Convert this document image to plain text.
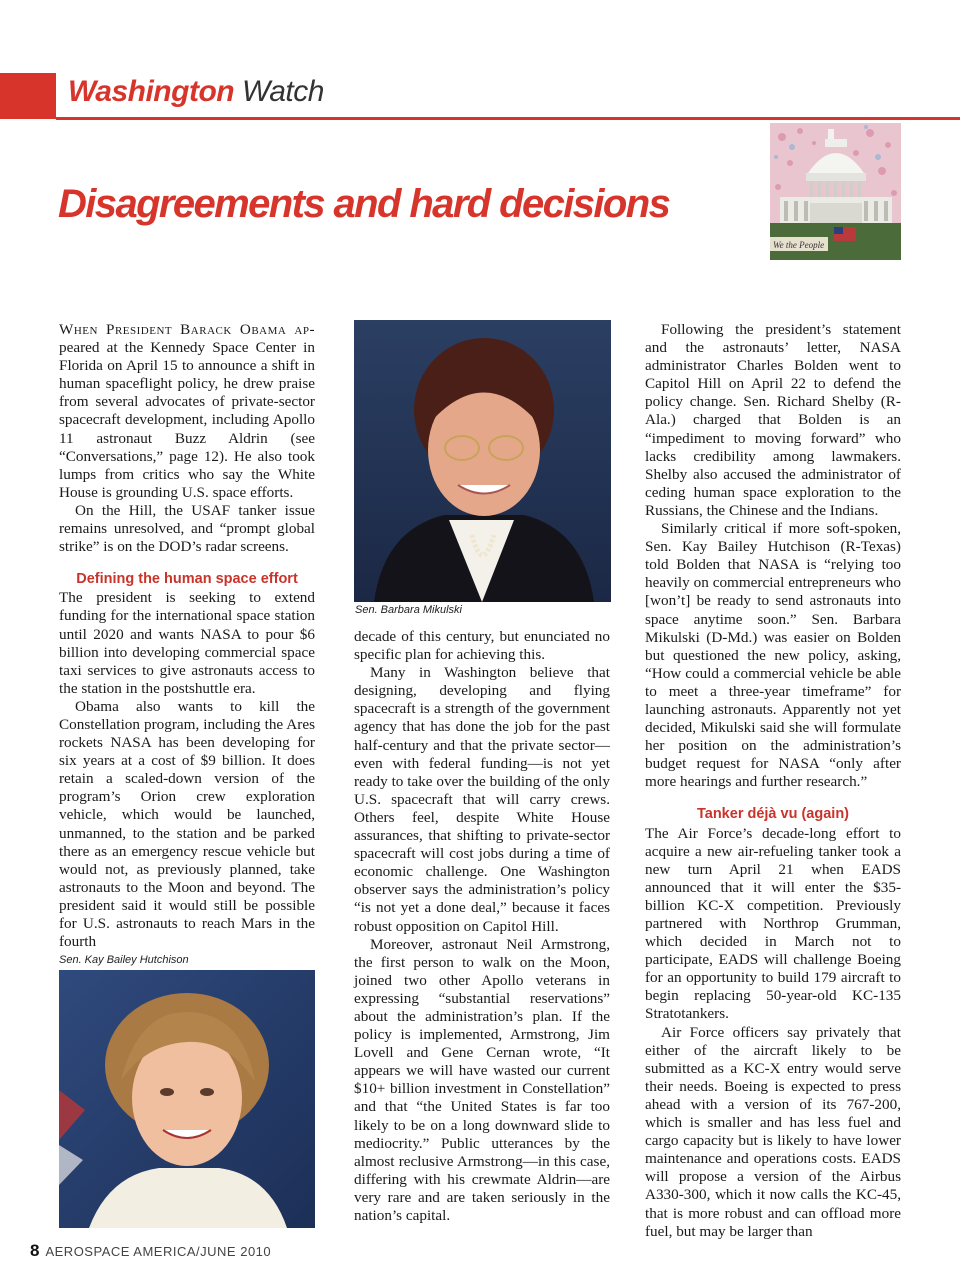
Washington Watch
Disagreements and hard decisions
We the People

When President Barack Obama ap- peared at the Kennedy Space Center in Florida on April 15 to announce a shift in human spaceflight policy, he drew praise from several advocates of private-sector spacecraft development, including Apollo 11 astronaut Buzz Aldrin (see “Conversations,” page 12). He also took lumps from critics who say the White House is grounding U.S. space efforts.

On the Hill, the USAF tanker issue remains unresolved, and “prompt global strike” is on the DOD’s radar screens.

Defining the human space effort

The president is seeking to extend funding for the international space station until 2020 and wants NASA to pour $6 billion into developing commercial space taxi services to give astronauts access to the station in the postshuttle era.

Obama also wants to kill the Constellation program, including the Ares rockets NASA has been developing for six years at a cost of $9 billion. It does retain a scaled-down version of the program’s Orion crew exploration vehicle, which would be launched, unmanned, to the station and be parked there as an emergency rescue vehicle but would not, as previously planned, take astronauts to the Moon and beyond. The president said it would still be possible for U.S. astronauts to reach Mars in the fourth

Sen. Barbara Mikulski

decade of this century, but enunciated no specific plan for achieving this.

Many in Washington believe that designing, developing and flying spacecraft is a strength of the government agency that has done the job for the past half-century and that the private sector—even with federal funding—is not yet ready to take over the building of the only U.S. spacecraft that will carry crews. Others feel, despite White House assurances, that shifting to private-sector spacecraft will cost jobs during a time of economic challenge. One Washington observer says the administration’s policy “is not yet a done deal,” because it faces robust opposition on Capitol Hill.

Moreover, astronaut Neil Armstrong, the first person to walk on the Moon, joined two other Apollo veterans in expressing “substantial reservations” about the administration’s plan. If the policy is implemented, Armstrong, Jim Lovell and Gene Cernan wrote, “It appears we will have wasted our current $10+ billion investment in Constellation” and that “the United States is far too likely to be on a long downward slide to mediocrity.” Public utterances by the almost reclusive Armstrong—in this case, differing with his crewmate Aldrin—are very rare and are taken seriously in the nation’s capital.

Sen. Kay Bailey Hutchison

Following the president’s statement and the astronauts’ letter, NASA administrator Charles Bolden went to Capitol Hill on April 22 to defend the policy change. Sen. Richard Shelby (R-Ala.) charged that Bolden is an “impediment to moving forward” who lacks credibility among lawmakers. Shelby also accused the administrator of ceding human space exploration to the Russians, the Chinese and the Indians.

Similarly critical if more soft-spoken, Sen. Kay Bailey Hutchison (R-Texas) told Bolden that NASA is “relying too heavily on commercial entrepreneurs who [won’t] be ready to send astronauts into space anytime soon.” Sen. Barbara Mikulski (D-Md.) was easier on Bolden but questioned the new policy, asking, “How could a commercial vehicle be able to meet a three-year timeframe” for launching astronauts. Apparently not yet decided, Mikulski said she will formulate her position on the administration’s budget request for NASA “only after more hearings and further research.”

Tanker déjà vu (again)

The Air Force’s decade-long effort to acquire a new air-refueling tanker took a new turn April 21 when EADS announced that it will enter the $35-billion KC-X competition. Previously partnered with Northrop Grumman, which decided in March not to participate, EADS will challenge Boeing for an opportunity to build 179 aircraft to begin replacing 50-year-old KC-135 Stratotankers.

Air Force officers say privately that either of the aircraft likely to be submitted as a KC-X entry would serve their needs. Boeing is expected to press ahead with a version of its 767-200, which is smaller and has less fuel and cargo capacity but is likely to have lower maintenance and operations costs. EADS will propose a version of the Airbus A330-300, which it now calls the KC-45, that is more robust and can offload more fuel, but may be larger than

8 AEROSPACE AMERICA/JUNE 2010
